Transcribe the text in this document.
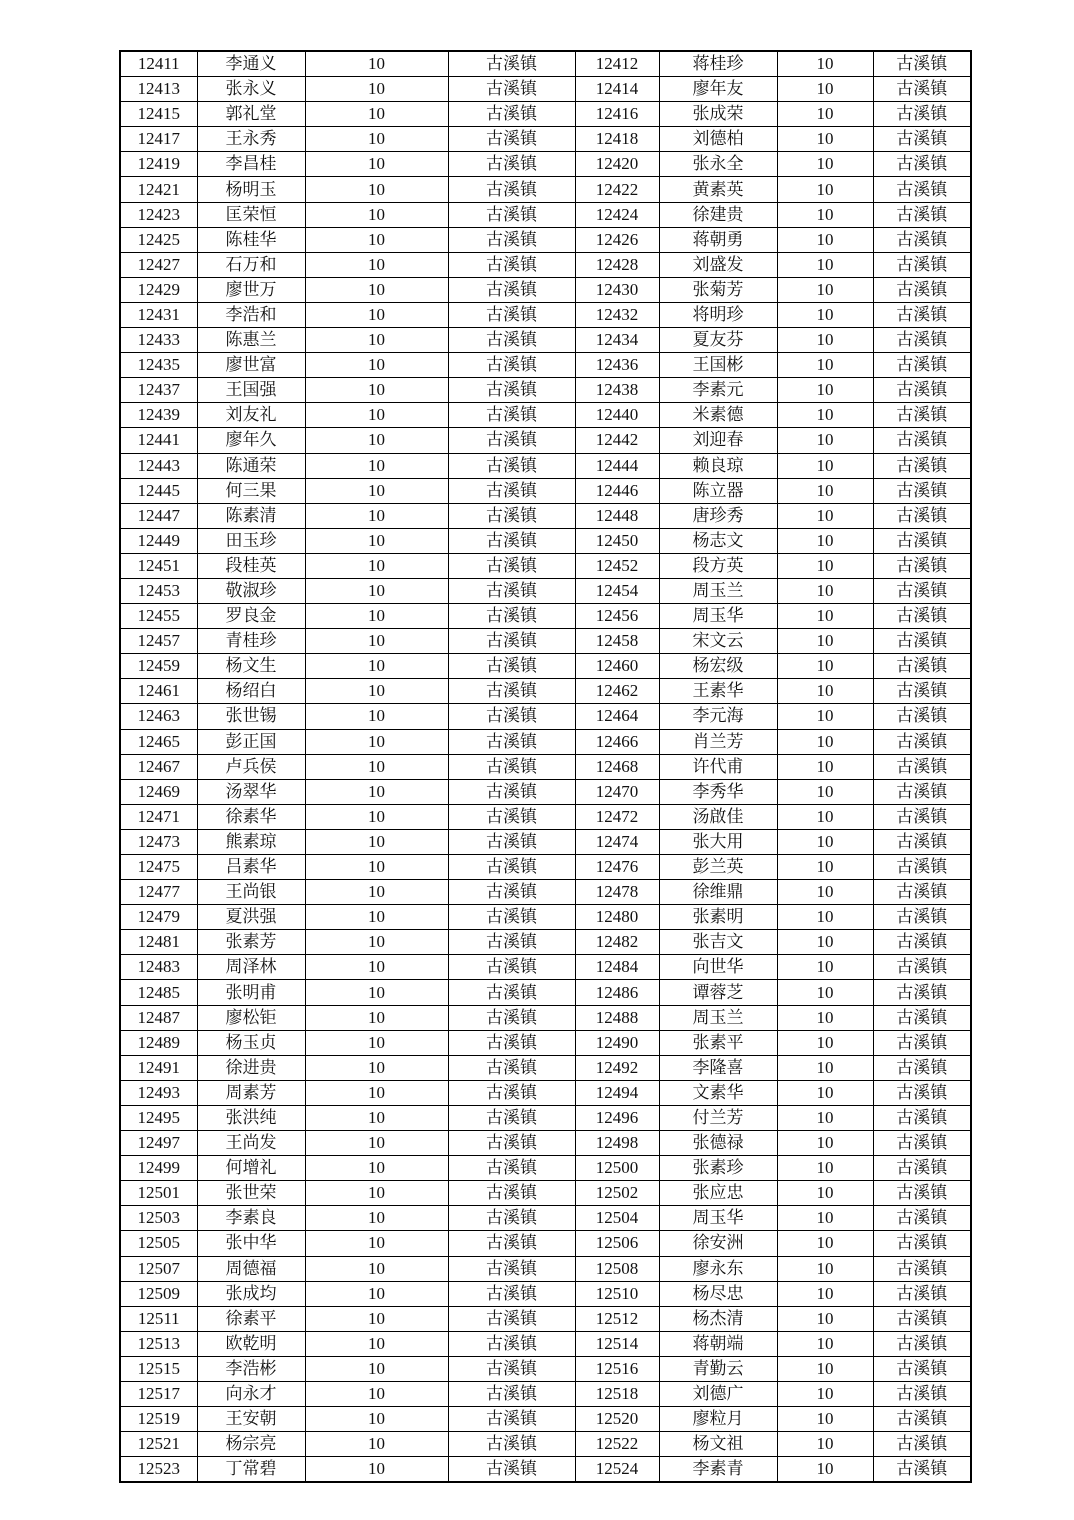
12411	李通义	10	古溪镇	12412	蒋桂珍	10	古溪镇
12413	张永义	10	古溪镇	12414	廖年友	10	古溪镇
12415	郭礼堂	10	古溪镇	12416	张成荣	10	古溪镇
12417	王永秀	10	古溪镇	12418	刘德柏	10	古溪镇
12419	李昌桂	10	古溪镇	12420	张永全	10	古溪镇
12421	杨明玉	10	古溪镇	12422	黄素英	10	古溪镇
12423	匡荣恒	10	古溪镇	12424	徐建贵	10	古溪镇
12425	陈桂华	10	古溪镇	12426	蒋朝勇	10	古溪镇
12427	石万和	10	古溪镇	12428	刘盛发	10	古溪镇
12429	廖世万	10	古溪镇	12430	张菊芳	10	古溪镇
12431	李浩和	10	古溪镇	12432	将明珍	10	古溪镇
12433	陈惠兰	10	古溪镇	12434	夏友芬	10	古溪镇
12435	廖世富	10	古溪镇	12436	王国彬	10	古溪镇
12437	王国强	10	古溪镇	12438	李素元	10	古溪镇
12439	刘友礼	10	古溪镇	12440	米素德	10	古溪镇
12441	廖年久	10	古溪镇	12442	刘迎春	10	古溪镇
12443	陈通荣	10	古溪镇	12444	赖良琼	10	古溪镇
12445	何三果	10	古溪镇	12446	陈立器	10	古溪镇
12447	陈素清	10	古溪镇	12448	唐珍秀	10	古溪镇
12449	田玉珍	10	古溪镇	12450	杨志文	10	古溪镇
12451	段桂英	10	古溪镇	12452	段方英	10	古溪镇
12453	敬淑珍	10	古溪镇	12454	周玉兰	10	古溪镇
12455	罗良金	10	古溪镇	12456	周玉华	10	古溪镇
12457	青桂珍	10	古溪镇	12458	宋文云	10	古溪镇
12459	杨文生	10	古溪镇	12460	杨宏级	10	古溪镇
12461	杨绍白	10	古溪镇	12462	王素华	10	古溪镇
12463	张世锡	10	古溪镇	12464	李元海	10	古溪镇
12465	彭正国	10	古溪镇	12466	肖兰芳	10	古溪镇
12467	卢兵侯	10	古溪镇	12468	许代甫	10	古溪镇
12469	汤翠华	10	古溪镇	12470	李秀华	10	古溪镇
12471	徐素华	10	古溪镇	12472	汤啟佳	10	古溪镇
12473	熊素琼	10	古溪镇	12474	张大用	10	古溪镇
12475	吕素华	10	古溪镇	12476	彭兰英	10	古溪镇
12477	王尚银	10	古溪镇	12478	徐维鼎	10	古溪镇
12479	夏洪强	10	古溪镇	12480	张素明	10	古溪镇
12481	张素芳	10	古溪镇	12482	张吉文	10	古溪镇
12483	周泽林	10	古溪镇	12484	向世华	10	古溪镇
12485	张明甫	10	古溪镇	12486	谭蓉芝	10	古溪镇
12487	廖松钜	10	古溪镇	12488	周玉兰	10	古溪镇
12489	杨玉贞	10	古溪镇	12490	张素平	10	古溪镇
12491	徐进贵	10	古溪镇	12492	李隆喜	10	古溪镇
12493	周素芳	10	古溪镇	12494	文素华	10	古溪镇
12495	张洪纯	10	古溪镇	12496	付兰芳	10	古溪镇
12497	王尚发	10	古溪镇	12498	张德禄	10	古溪镇
12499	何增礼	10	古溪镇	12500	张素珍	10	古溪镇
12501	张世荣	10	古溪镇	12502	张应忠	10	古溪镇
12503	李素良	10	古溪镇	12504	周玉华	10	古溪镇
12505	张中华	10	古溪镇	12506	徐安洲	10	古溪镇
12507	周德福	10	古溪镇	12508	廖永东	10	古溪镇
12509	张成均	10	古溪镇	12510	杨尽忠	10	古溪镇
12511	徐素平	10	古溪镇	12512	杨杰清	10	古溪镇
12513	欧乾明	10	古溪镇	12514	蒋朝端	10	古溪镇
12515	李浩彬	10	古溪镇	12516	青勤云	10	古溪镇
12517	向永才	10	古溪镇	12518	刘德广	10	古溪镇
12519	王安朝	10	古溪镇	12520	廖粒月	10	古溪镇
12521	杨宗亮	10	古溪镇	12522	杨文祖	10	古溪镇
12523	丁常碧	10	古溪镇	12524	李素青	10	古溪镇
